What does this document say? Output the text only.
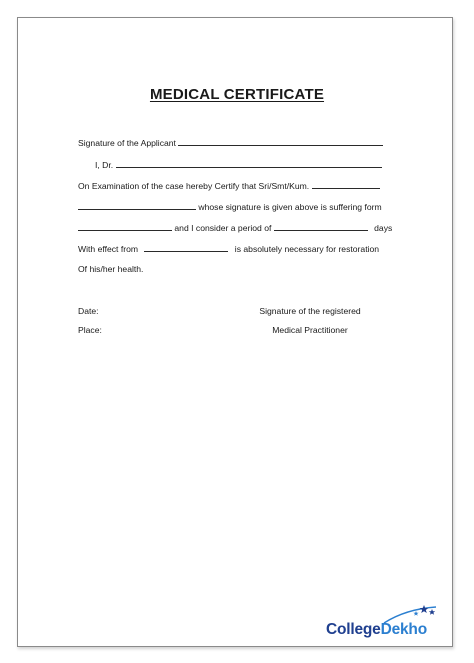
MEDICAL CERTIFICATE

Signature of the Applicant

I, Dr.

On Examination of the case hereby Certify that Sri/Smt/Kum.

whose signature is given above is suffering form

and I consider a period of	days

With effect from	is absolutely necessary for restoration

Of his/her health.

Date:

Place:

Signature of the registered

Medical Practitioner

CollegeDekho
